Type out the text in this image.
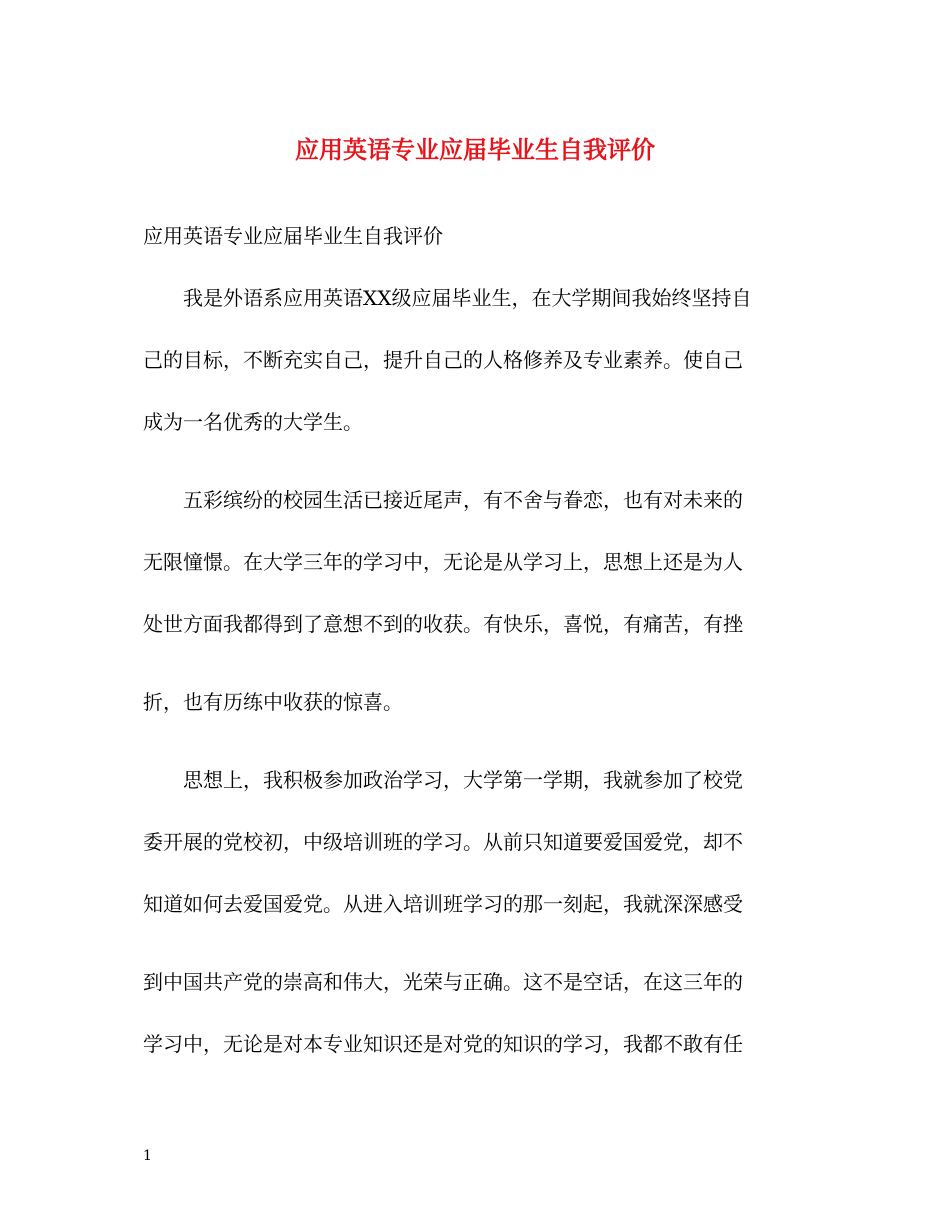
应用英语专业应届毕业生自我评价

应用英语专业应届毕业生自我评价

我是外语系应用英语XX级应届毕业生，在大学期间我始终坚持自
己的目标，不断充实自己，提升自己的人格修养及专业素养。使自己
成为一名优秀的大学生。
五彩缤纷的校园生活已接近尾声，有不舍与眷恋，也有对未来的
无限憧憬。在大学三年的学习中，无论是从学习上，思想上还是为人
处世方面我都得到了意想不到的收获。有快乐，喜悦，有痛苦，有挫
折，也有历练中收获的惊喜。
思想上，我积极参加政治学习，大学第一学期，我就参加了校党
委开展的党校初，中级培训班的学习。从前只知道要爱国爱党，却不
知道如何去爱国爱党。从进入培训班学习的那一刻起，我就深深感受
到中国共产党的崇高和伟大，光荣与正确。这不是空话，在这三年的
学习中，无论是对本专业知识还是对党的知识的学习，我都不敢有任
1
